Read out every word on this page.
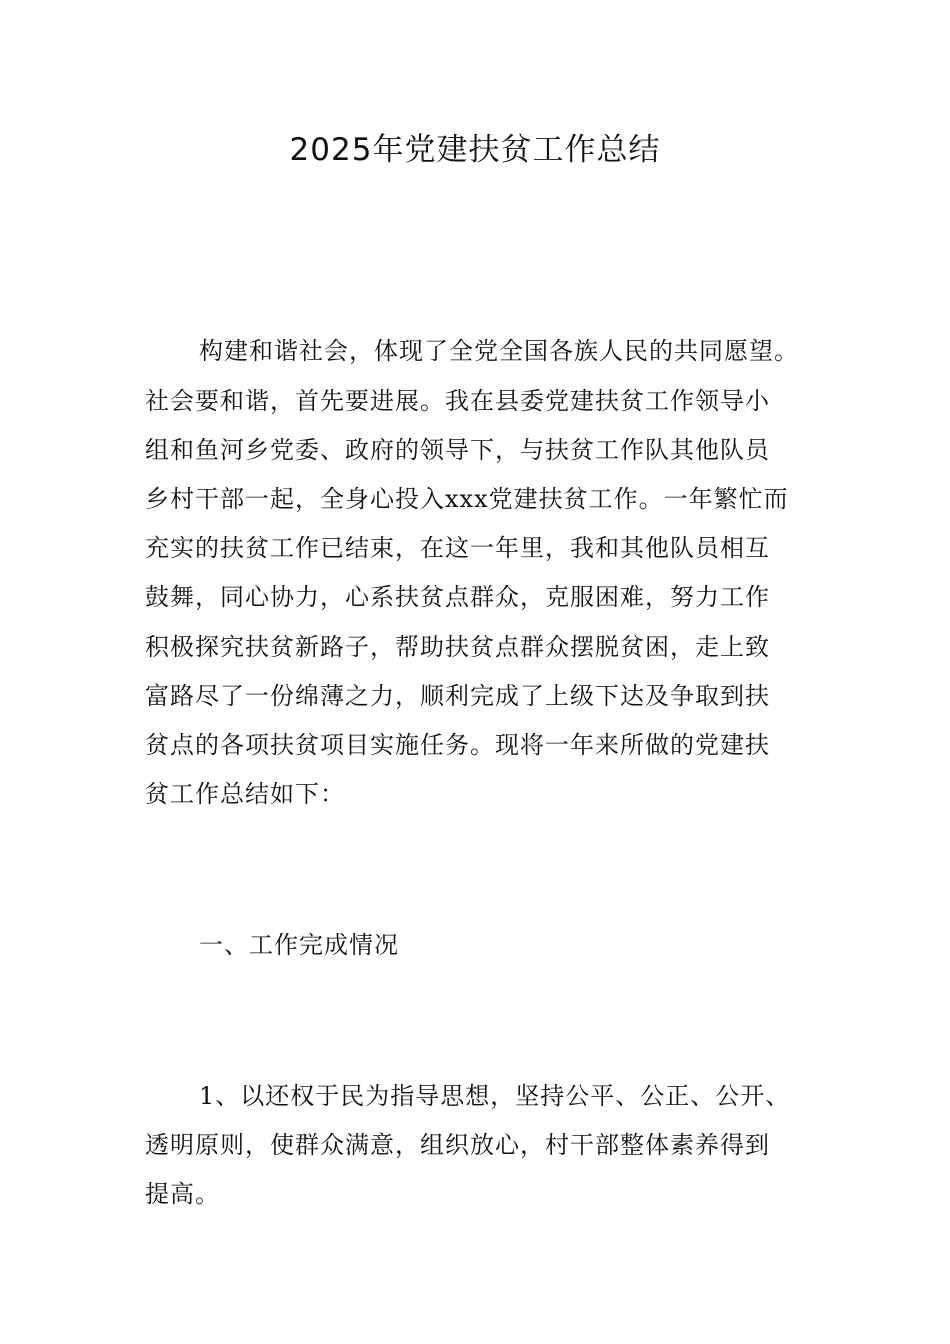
2025年党建扶贫工作总结
构建和谐社会，体现了全党全国各族人民的共同愿望。
社会要和谐，首先要进展。我在县委党建扶贫工作领导小
组和鱼河乡党委、政府的领导下，与扶贫工作队其他队员
乡村干部一起，全身心投入xxx党建扶贫工作。一年繁忙而
充实的扶贫工作已结束，在这一年里，我和其他队员相互
鼓舞，同心协力，心系扶贫点群众，克服困难，努力工作
积极探究扶贫新路子，帮助扶贫点群众摆脱贫困，走上致
富路尽了一份绵薄之力，顺利完成了上级下达及争取到扶
贫点的各项扶贫项目实施任务。现将一年来所做的党建扶
贫工作总结如下：
一、工作完成情况
1、以还权于民为指导思想，坚持公平、公正、公开、
透明原则，使群众满意，组织放心，村干部整体素养得到
提高。
